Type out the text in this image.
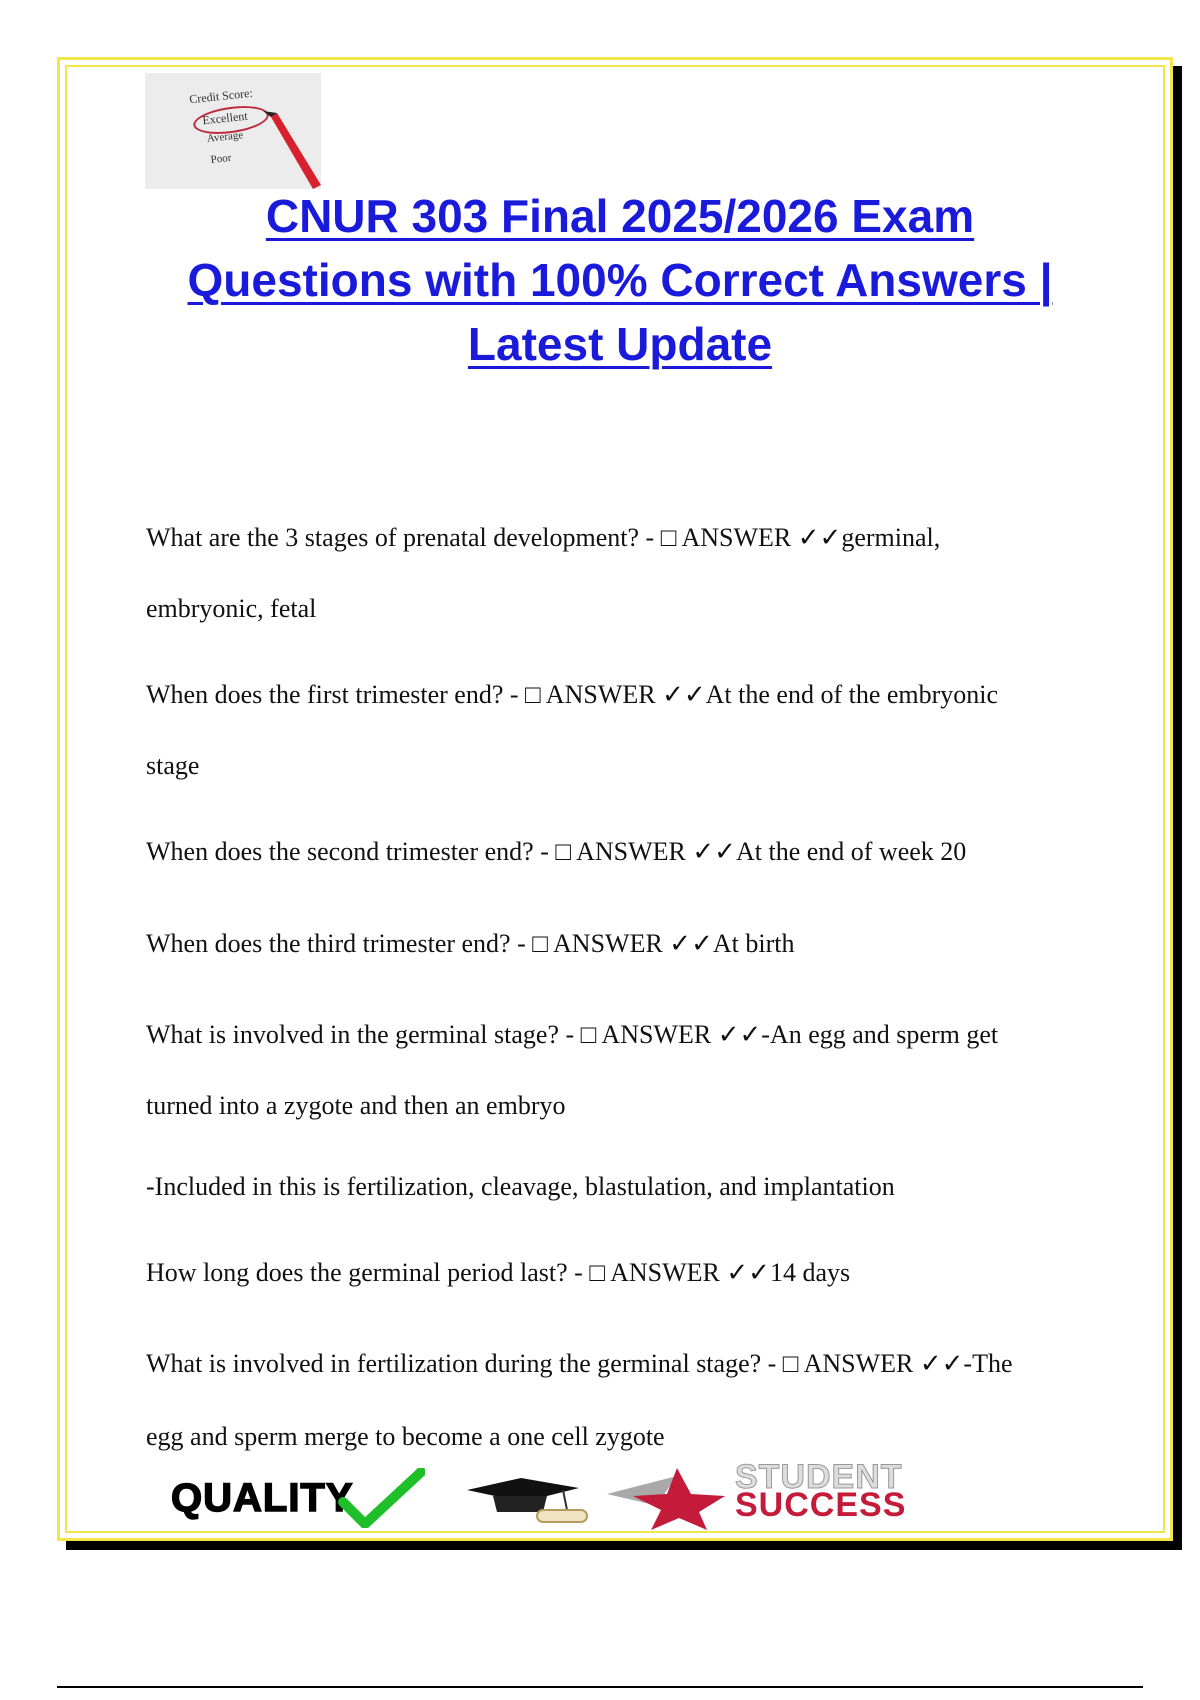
Credit Score:
Excellent
Average
Poor
CNUR 303 Final 2025/2026 Exam
Questions with 100% Correct Answers |
Latest Update
What are the 3 stages of prenatal development? - □ ANSWER ✓✓germinal,
embryonic, fetal
When does the first trimester end? - □ ANSWER ✓✓At the end of the embryonic
stage
When does the second trimester end? - □ ANSWER ✓✓At the end of week 20
When does the third trimester end? - □ ANSWER ✓✓At birth
What is involved in the germinal stage? - □ ANSWER ✓✓-An egg and sperm get
turned into a zygote and then an embryo
-Included in this is fertilization, cleavage, blastulation, and implantation
How long does the germinal period last? - □ ANSWER ✓✓14 days
What is involved in fertilization during the germinal stage? - □ ANSWER ✓✓-The
egg and sperm merge to become a one cell zygote
QUALITY	STUDENT
SUCCESS
